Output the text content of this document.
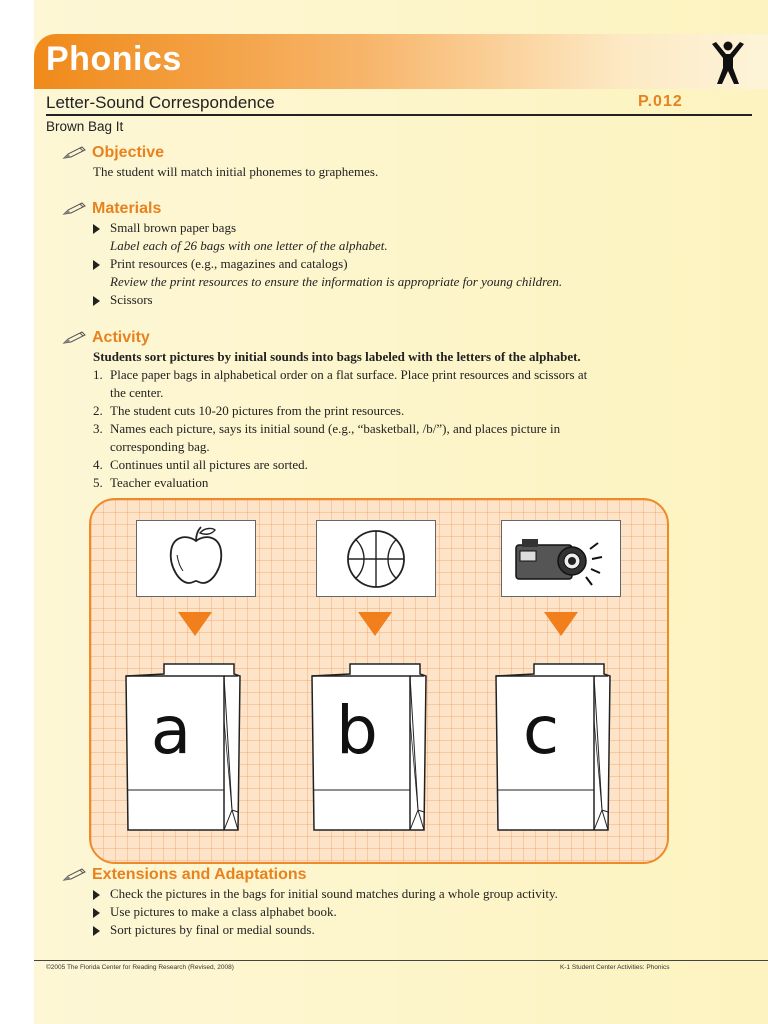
Phonics
Letter-Sound Correspondence	P.012
Brown Bag It
Objective
The student will match initial phonemes to graphemes.
Materials
Small brown paper bags
Label each of 26 bags with one letter of the alphabet.
Print resources (e.g., magazines and catalogs)
Review the print resources to ensure the information is appropriate for young children.
Scissors
Activity
Students sort pictures by initial sounds into bags labeled with the letters of the alphabet.
1. Place paper bags in alphabetical order on a flat surface. Place print resources and scissors at
the center.
2. The student cuts 10-20 pictures from the print resources.
3. Names each picture, says its initial sound (e.g., “basketball, /b/”), and places picture in
corresponding bag.
4. Continues until all pictures are sorted.
5. Teacher evaluation
a	b	c
Extensions and Adaptations
Check the pictures in the bags for initial sound matches during a whole group activity.
Use pictures to make a class alphabet book.
Sort pictures by final or medial sounds.
©2005 The Florida Center for Reading Research (Revised, 2008)	K-1 Student Center Activities: Phonics
